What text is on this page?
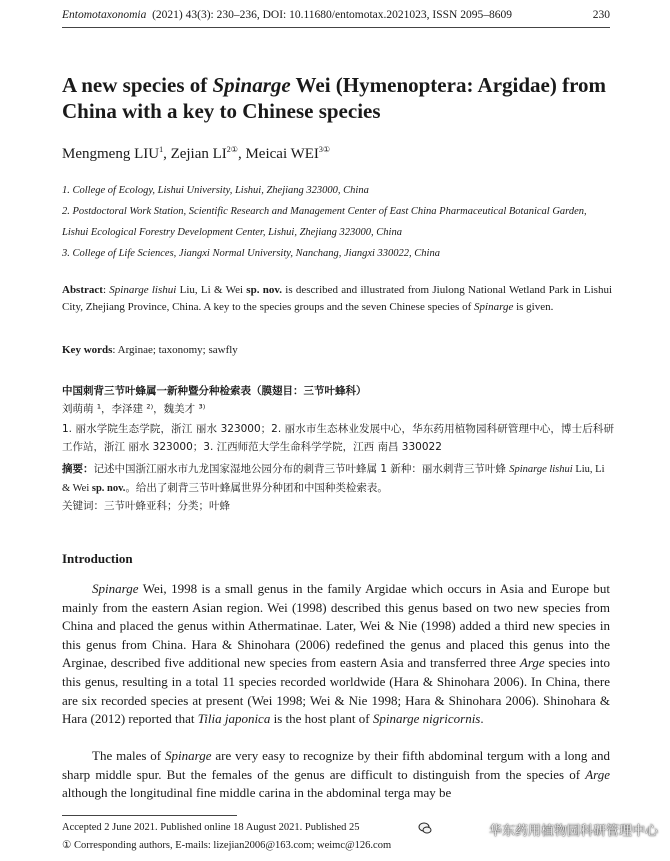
Entomotaxonomia (2021) 43(3): 230–236, DOI: 10.11680/entomotax.2021023, ISSN 2095–8609	230
A new species of Spinarge Wei (Hymenoptera: Argidae) from China with a key to Chinese species
Mengmeng LIU$^1$, Zejian $LI^{2①}$, Meicai $WEI^{3①}$
1. College of Ecology, Lishui University, Lishui, Zhejiang 323000, China
2. Postdoctoral Work Station, Scientific Research and Management Center of East China Pharmaceutical Botanical Garden, Lishui Ecological Forestry Development Center, Lishui, Zhejiang 323000, China
3. College of Life Sciences, Jiangxi Normal University, Nanchang, Jiangxi 330022, China
Abstract: Spinarge lishui Liu, Li & Wei sp. nov. is described and illustrated from Jiulong National Wetland Park in Lishui City, Zhejiang Province, China. A key to the species groups and the seven Chinese species of Spinarge is given.
Key words: Arginae; taxonomy; sawfly
中国刺背三节叶蜂属一新种暨分种检索表（膜翅目：三节叶蜂科）
刘萌萌 ¹，李泽建 ²⁾，魏美才 ³⁾
1. 丽水学院生态学院，浙江 丽水 323000；2. 丽水市生态林业发展中心，华东药用植物园科研管理中心，博士后科研工作站，浙江 丽水 323000；3. 江西师范大学生命科学学院，江西 南昌 330022
摘要：记述中国浙江丽水市九龙国家湿地公园分布的刺背三节叶蜂属 1 新种：丽水刺背三节叶蜂 Spinarge lishui Liu, Li & Wei sp. nov.。给出了刺背三节叶蜂属世界分种团和中国种类检索表。
关键词：三节叶蜂亚科；分类；叶蜂
Introduction
Spinarge Wei, 1998 is a small genus in the family Argidae which occurs in Asia and Europe but mainly from the eastern Asian region. Wei (1998) described this genus based on two new species from China and placed the genus within Athermatinae. Later, Wei & Nie (1998) added a third new species in this genus from China. Hara & Shinohara (2006) redefined the genus and placed this genus into the Arginae, described five additional new species from eastern Asia and transferred three Arge species into this genus, resulting in a total 11 species recorded worldwide (Hara & Shinohara 2006). In China, there are six recorded species at present (Wei 1998; Wei & Nie 1998; Hara & Shinohara 2006). Shinohara & Hara (2012) reported that Tilia japonica is the host plant of Spinarge nigricornis.
The males of Spinarge are very easy to recognize by their fifth abdominal tergum with a long and sharp middle spur. But the females of the genus are difficult to distinguish from the species of Arge although the longitudinal fine middle carina in the abdominal terga may be
Accepted 2 June 2021. Published online 18 August 2021. Published 25
① Corresponding authors, E-mails: lizejian2006@163.com; weimc@126.com
华东药用植物园科研管理中心
